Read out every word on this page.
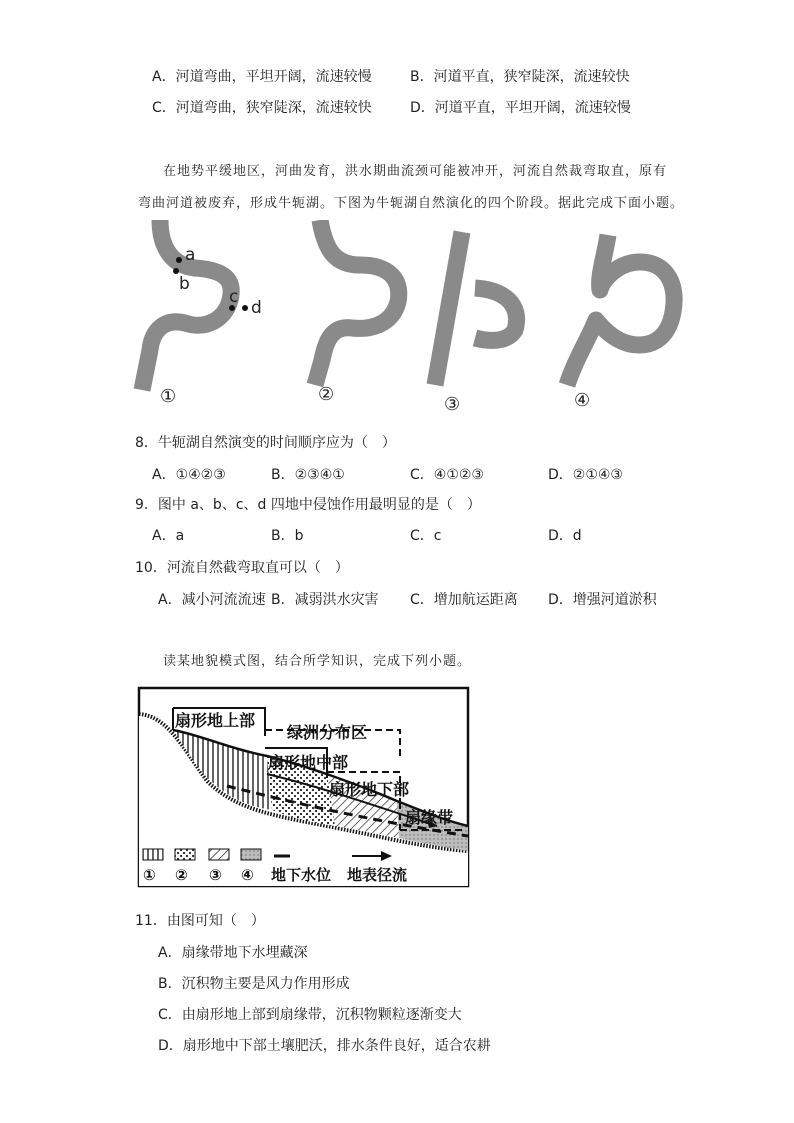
A．河道弯曲，平坦开阔，流速较慢	B．河道平直，狭窄陡深，流速较快
C．河道弯曲，狭窄陡深，流速较快	D．河道平直，平坦开阔，流速较慢
在地势平缓地区，河曲发育，洪水期曲流颈可能被冲开，河流自然裁弯取直，原有
弯曲河道被废弃，形成牛轭湖。下图为牛轭湖自然演化的四个阶段。据此完成下面小题。
a
b
c
d
①	②	③	④
8．牛轭湖自然演变的时间顺序应为（　）
A．①④②③	B．②③④①	C．④①②③	D．②①④③
9．图中 a、b、c、d 四地中侵蚀作用最明显的是（　）
A．a	B．b	C．c	D．d
10．河流自然截弯取直可以（　）
A．减小河流流速 B．减弱洪水灾害 C．增加航运距离 D．增强河道淤积
读某地貌模式图，结合所学知识，完成下列小题。
扇形地上部
绿洲分布区
扇形地中部
扇形地下部
扇缘带
① ② ③ ④ 地下水位 地表径流
11．由图可知（　）
A．扇缘带地下水埋藏深
B．沉积物主要是风力作用形成
C．由扇形地上部到扇缘带，沉积物颗粒逐渐变大
D．扇形地中下部土壤肥沃，排水条件良好，适合农耕
